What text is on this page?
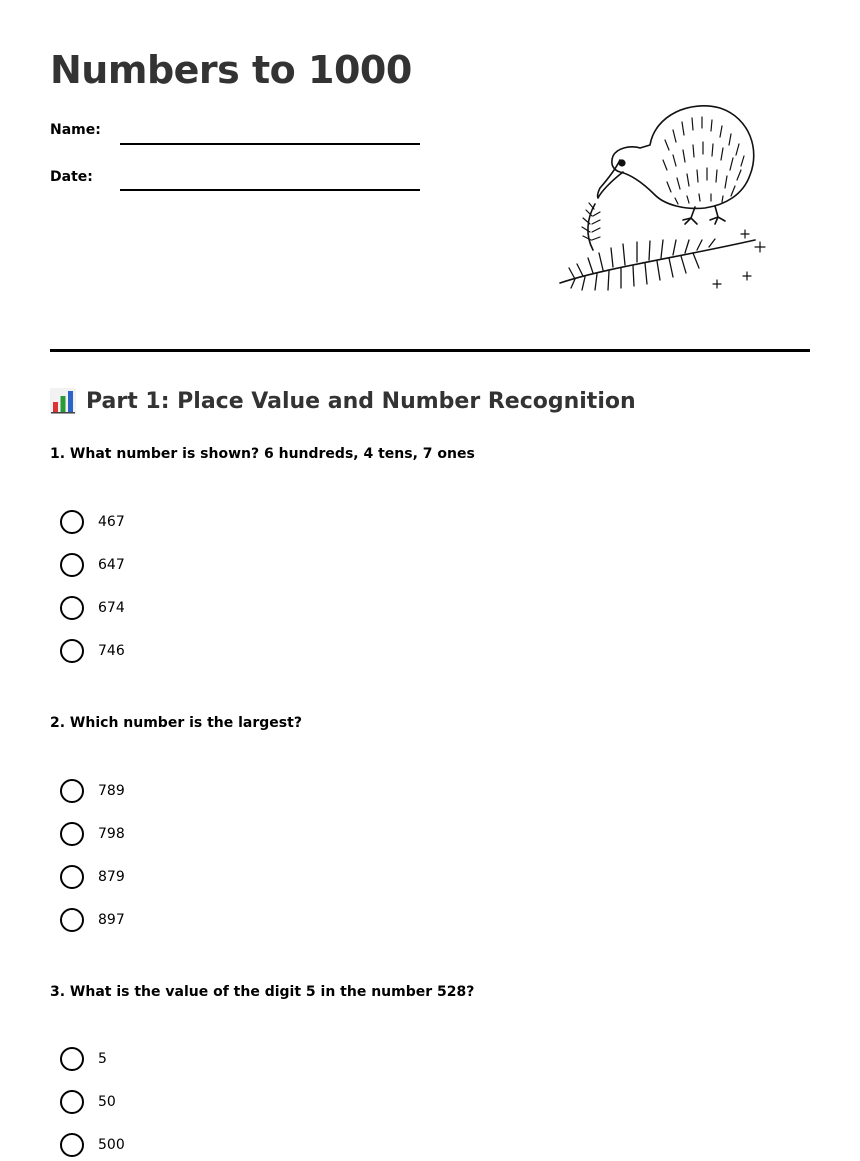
Numbers to 1000
Name:
Date:
Part 1: Place Value and Number Recognition

1. What number is shown? 6 hundreds, 4 tens, 7 ones

467
647
674
746

2. Which number is the largest?

789
798
879
897

3. What is the value of the digit 5 in the number 528?

5
50
500
